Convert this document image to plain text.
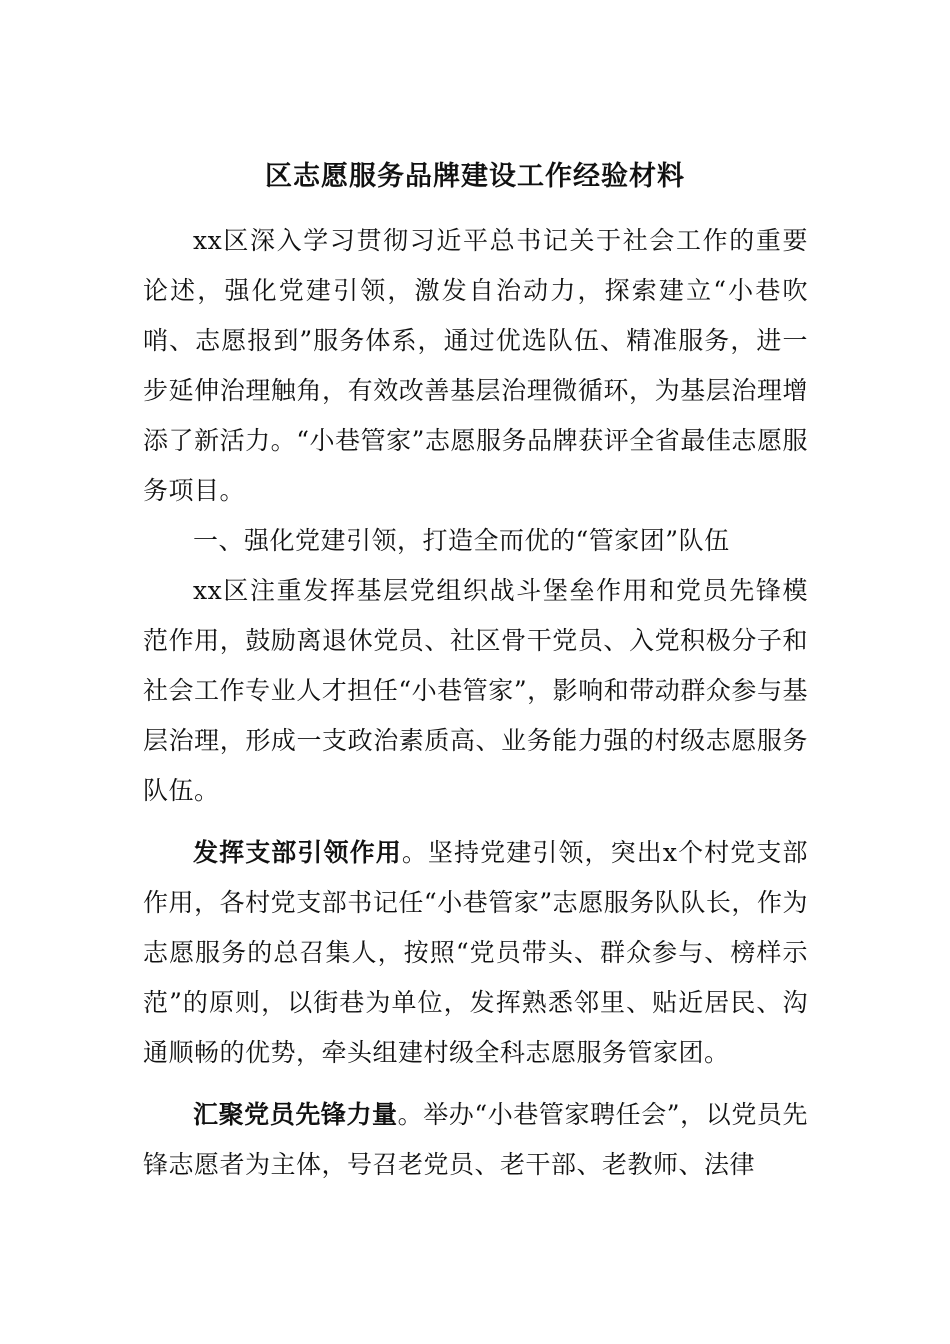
区志愿服务品牌建设工作经验材料

xx区深入学习贯彻习近平总书记关于社会工作的重要论述，强化党建引领，激发自治动力，探索建立“小巷吹哨、志愿报到”服务体系，通过优选队伍、精准服务，进一步延伸治理触角，有效改善基层治理微循环，为基层治理增添了新活力。“小巷管家”志愿服务品牌获评全省最佳志愿服务项目。

一、强化党建引领，打造全而优的“管家团”队伍

xx区注重发挥基层党组织战斗堡垒作用和党员先锋模范作用，鼓励离退休党员、社区骨干党员、入党积极分子和社会工作专业人才担任“小巷管家”，影响和带动群众参与基层治理，形成一支政治素质高、业务能力强的村级志愿服务队伍。

发挥支部引领作用。坚持党建引领，突出x个村党支部作用，各村党支部书记任“小巷管家”志愿服务队队长，作为志愿服务的总召集人，按照“党员带头、群众参与、榜样示范”的原则，以街巷为单位，发挥熟悉邻里、贴近居民、沟通顺畅的优势，牵头组建村级全科志愿服务管家团。

汇聚党员先锋力量。举办“小巷管家聘任会”，以党员先锋志愿者为主体，号召老党员、老干部、老教师、法律
